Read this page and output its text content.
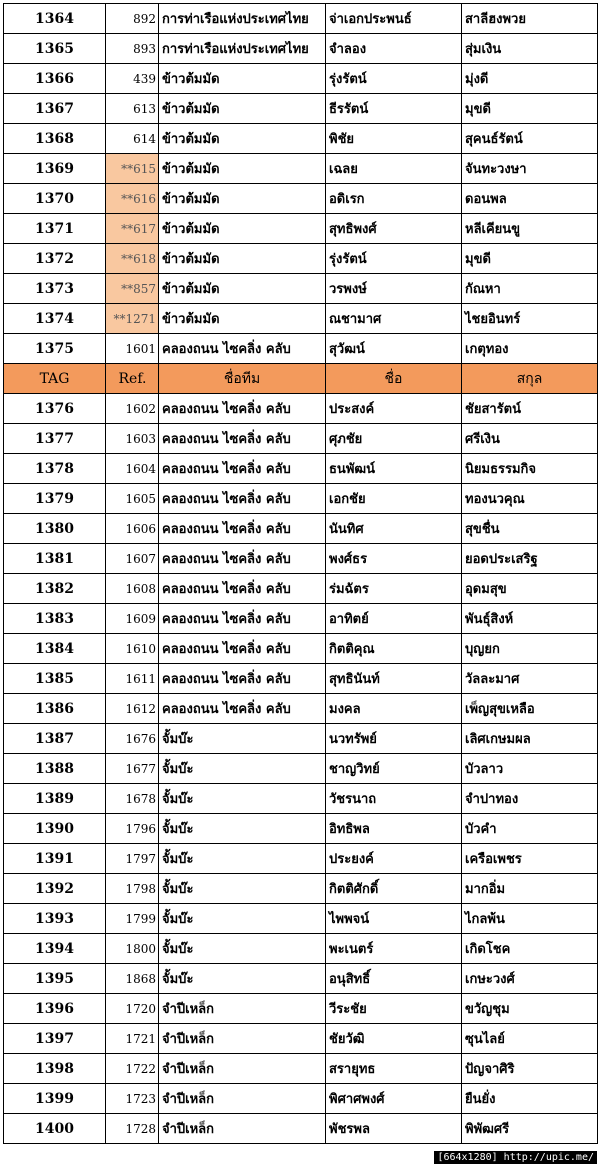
1364	892	การท่าเรือแห่งประเทศไทย	จ่าเอกประพนธ์	สาลีฮงพวย
1365	893	การท่าเรือแห่งประเทศไทย	จำลอง	สุ่มเงิน
1366	439	ข้าวต้มมัด	รุ่งรัตน์	มุ่งดี
1367	613	ข้าวต้มมัด	ธีรรัตน์	มุขดี
1368	614	ข้าวต้มมัด	พิชัย	สุคนธ์รัตน์
1369	**615	ข้าวต้มมัด	เฉลย	จันทะวงษา
1370	**616	ข้าวต้มมัด	อดิเรก	ดอนพล
1371	**617	ข้าวต้มมัด	สุทธิพงศ์	หลีเคียนขู
1372	**618	ข้าวต้มมัด	รุ่งรัตน์	มุขดี
1373	**857	ข้าวต้มมัด	วรพงษ์	กัณหา
1374	**1271	ข้าวต้มมัด	ณชามาศ	ไชยอินทร์
1375	1601	คลองถนน ไซคลิ่ง คลับ	สุวัฒน์	เกตุทอง
TAG	Ref.	ชื่อทีม	ชื่อ	สกุล
1376	1602	คลองถนน ไซคลิ่ง คลับ	ประสงค์	ชัยสารัตน์
1377	1603	คลองถนน ไซคลิ่ง คลับ	ศุภชัย	ศรีเงิน
1378	1604	คลองถนน ไซคลิ่ง คลับ	ธนพัฒน์	นิยมธรรมกิจ
1379	1605	คลองถนน ไซคลิ่ง คลับ	เอกชัย	ทองนวคุณ
1380	1606	คลองถนน ไซคลิ่ง คลับ	นันทิศ	สุขชื่น
1381	1607	คลองถนน ไซคลิ่ง คลับ	พงศ์ธร	ยอดประเสริฐ
1382	1608	คลองถนน ไซคลิ่ง คลับ	ร่มฉัตร	อุดมสุข
1383	1609	คลองถนน ไซคลิ่ง คลับ	อาทิตย์	พันธุ์สิงห์
1384	1610	คลองถนน ไซคลิ่ง คลับ	กิตติคุณ	บุญยก
1385	1611	คลองถนน ไซคลิ่ง คลับ	สุทธินันท์	วัลละมาศ
1386	1612	คลองถนน ไซคลิ่ง คลับ	มงคล	เพ็ญสุขเหลือ
1387	1676	จั้มบ๊ะ	นวทรัพย์	เลิศเกษมผล
1388	1677	จั้มบ๊ะ	ชาญวิทย์	บัวลาว
1389	1678	จั้มบ๊ะ	วัชรนาถ	จำปาทอง
1390	1796	จั้มบ๊ะ	อิทธิพล	บัวคำ
1391	1797	จั้มบ๊ะ	ประยงค์	เครือเพชร
1392	1798	จั้มบ๊ะ	กิตติศักดิ์	มากอิ่ม
1393	1799	จั้มบ๊ะ	ไพพจน์	ไกลพ้น
1394	1800	จั้มบ๊ะ	พะเนตร์	เกิดโชค
1395	1868	จั้มบ๊ะ	อนุสิทธิ์	เกษะวงศ์
1396	1720	จำปีเหล็ก	วีระชัย	ขวัญชุม
1397	1721	จำปีเหล็ก	ชัยวัฒิ	ซุนไลย์
1398	1722	จำปีเหล็ก	สรายุทธ	ปัญจาศิริ
1399	1723	จำปีเหล็ก	พิศาศพงศ์	ยืนยั่ง
1400	1728	จำปีเหล็ก	พัชรพล	พิพัฒศรี
[664x1280] http://upic.me/
